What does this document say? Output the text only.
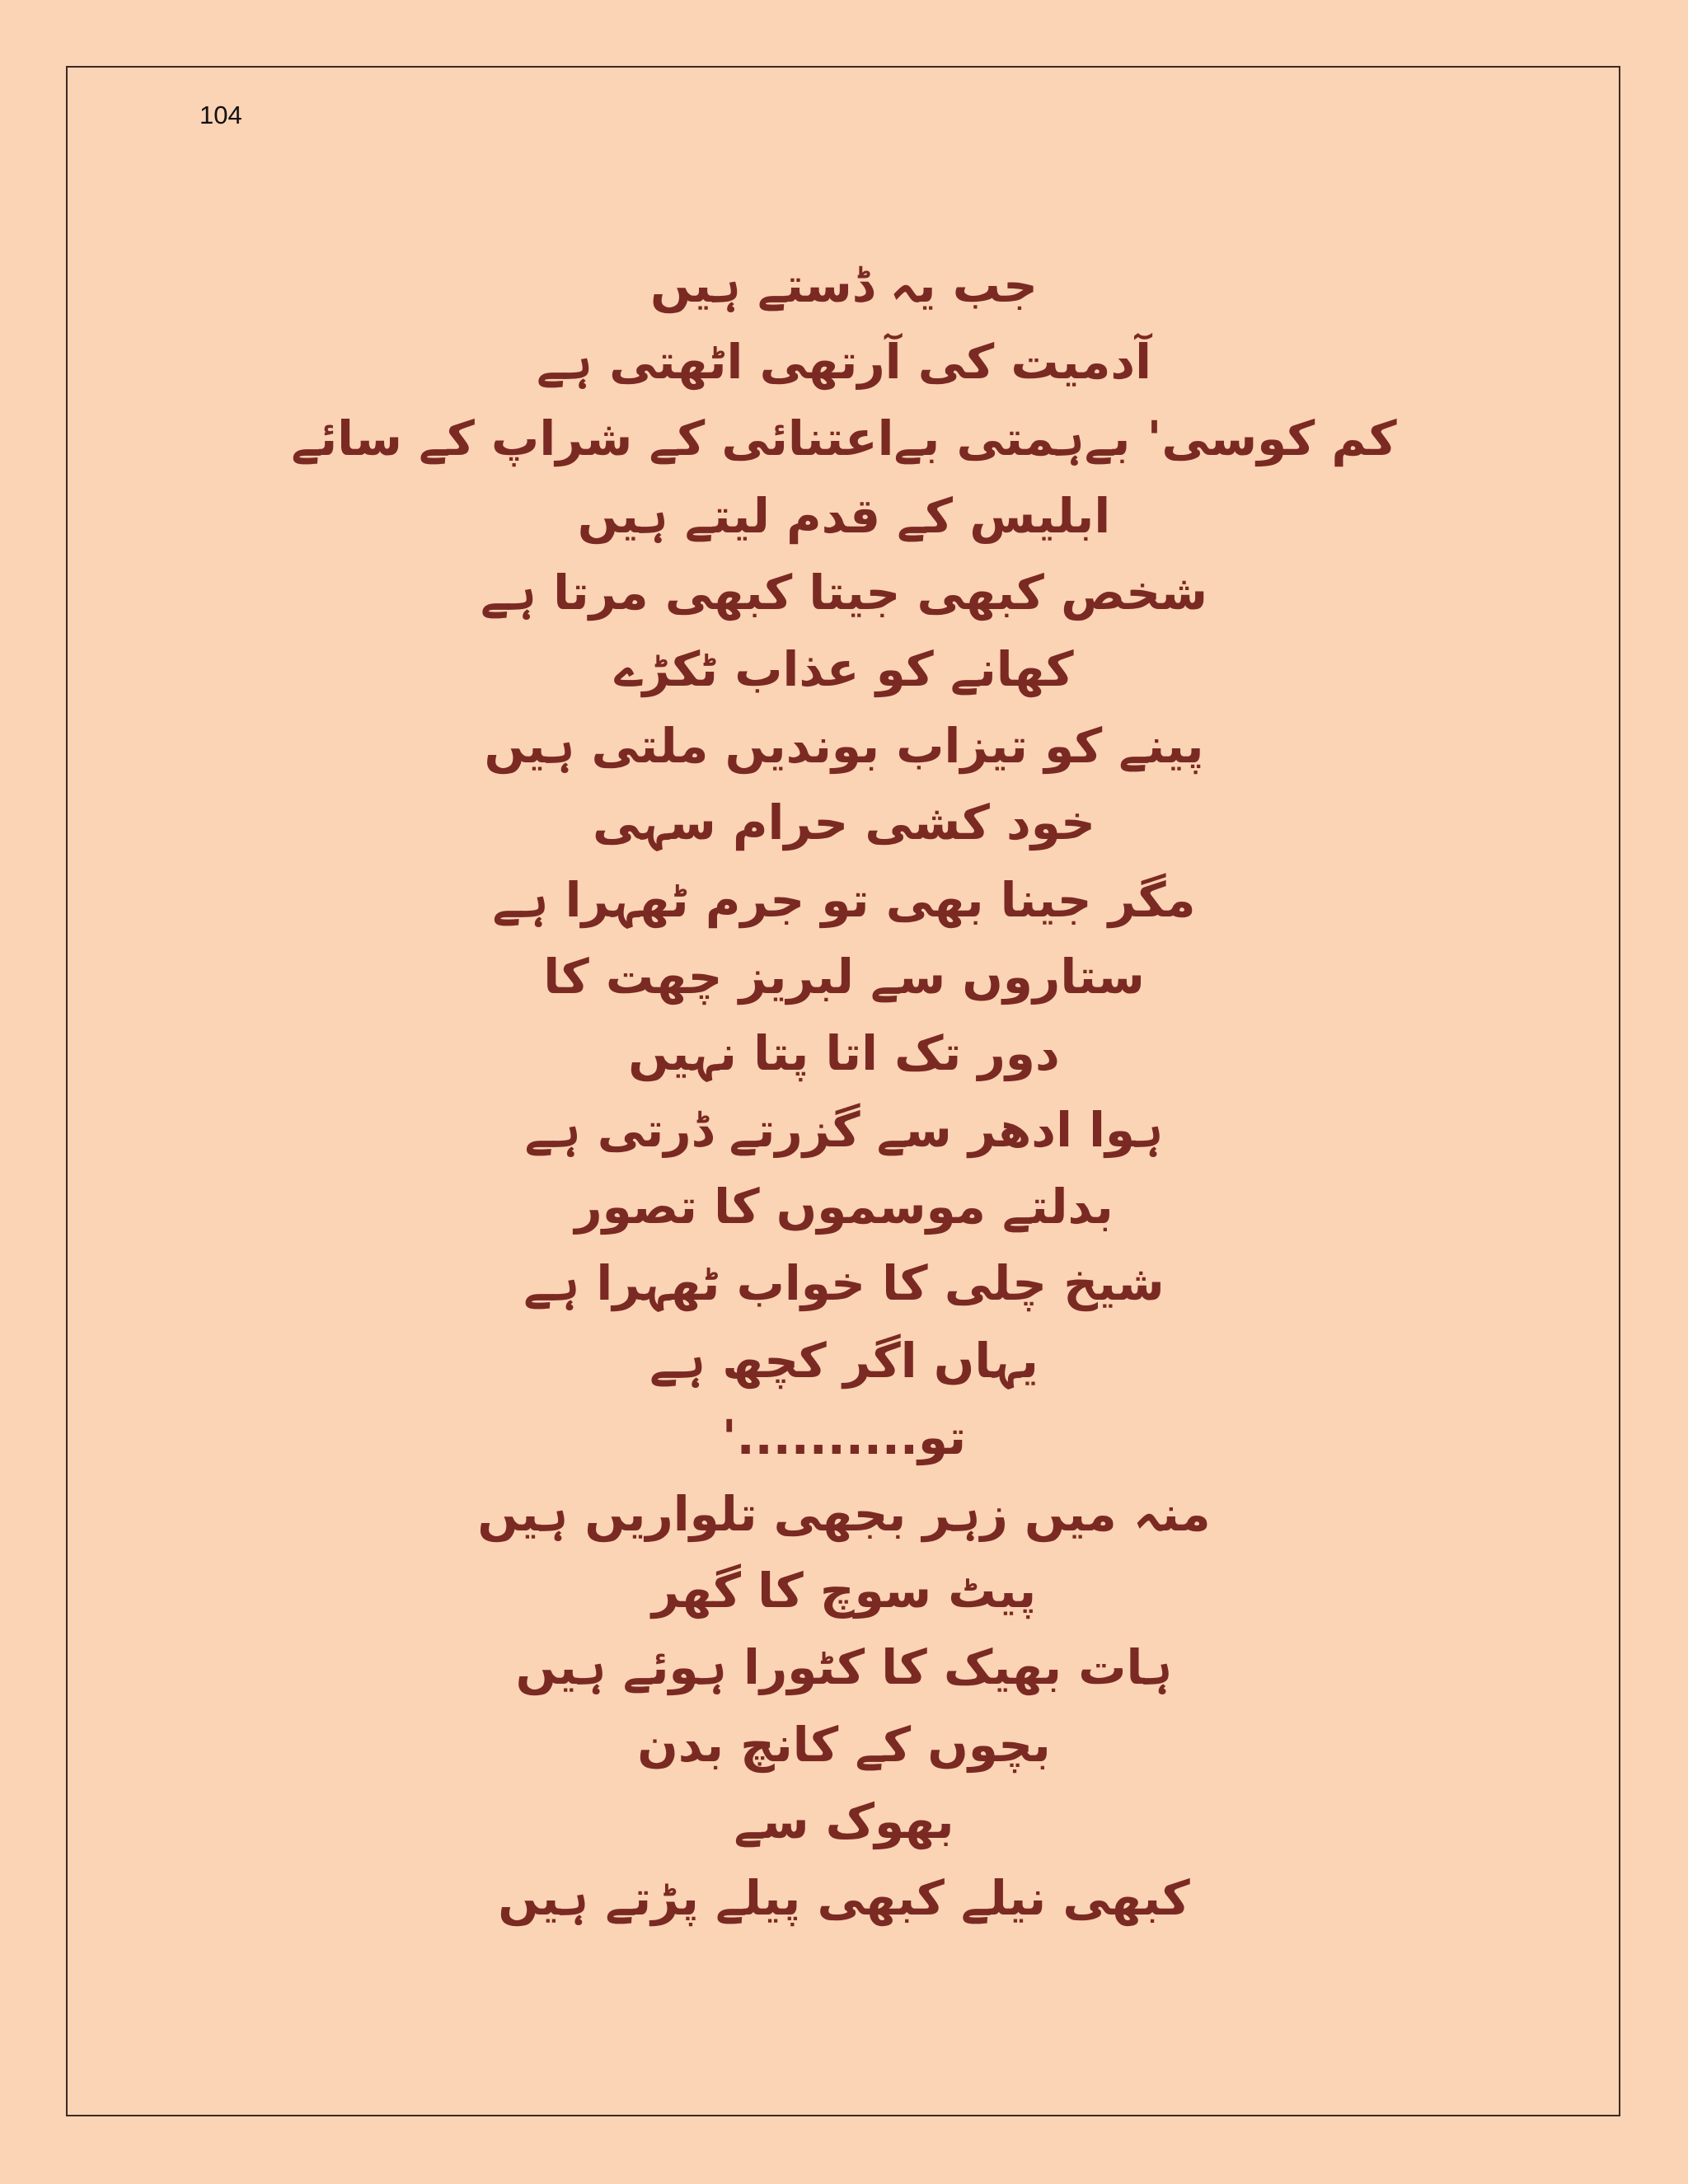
104
جب یہ ڈستے ہیں
آدمیت کی آرتھی اٹھتی ہے
کم کوسی' بےہمتی بےاعتنائی کے شراپ کے سائے
ابلیس کے قدم لیتے ہیں
شخص کبھی جیتا کبھی مرتا ہے
کھانے کو عذاب ٹکڑے
پینے کو تیزاب بوندیں ملتی ہیں
خود کشی حرام سہی
مگر جینا بھی تو جرم ٹھہرا ہے
ستاروں سے لبریز چھت کا
دور تک اتا پتا نہیں
ہوا ادھر سے گزرتے ڈرتی ہے
بدلتے موسموں کا تصور
شیخ چلی کا خواب ٹھہرا ہے
یہاں اگر کچھ ہے
تو..........'
منہ میں زہر بجھی تلواریں ہیں
پیٹ سوچ کا گھر
ہات بھیک کا کٹورا ہوئے ہیں
بچوں کے کانچ بدن
بھوک سے
کبھی نیلے کبھی پیلے پڑتے ہیں
